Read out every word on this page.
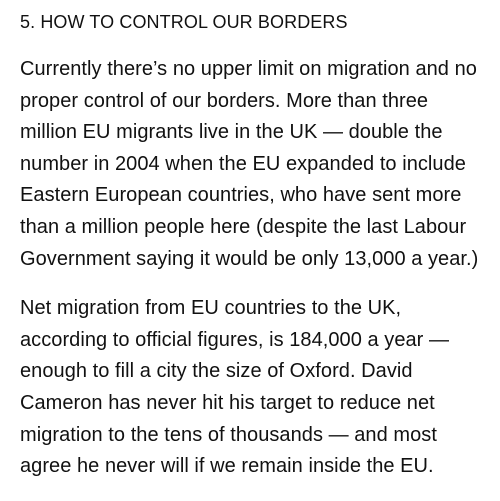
5. HOW TO CONTROL OUR BORDERS
Currently there’s no upper limit on migration and no
proper control of our borders. More than three
million EU migrants live in the UK — double the
number in 2004 when the EU expanded to include
Eastern European countries, who have sent more
than a million people here (despite the last Labour
Government saying it would be only 13,000 a year.)
Net migration from EU countries to the UK,
according to official figures, is 184,000 a year —
enough to fill a city the size of Oxford. David
Cameron has never hit his target to reduce net
migration to the tens of thousands — and most
agree he never will if we remain inside the EU.
